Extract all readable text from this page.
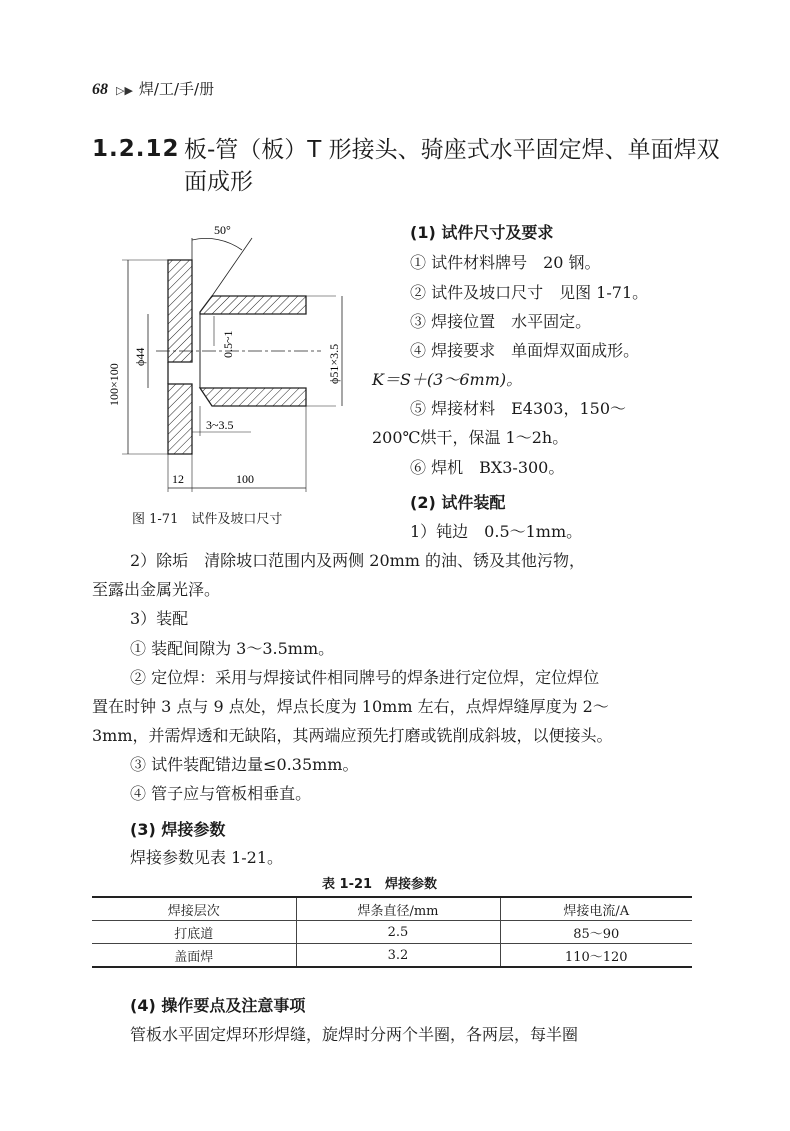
68 ▷▶ 焊/工/手/册
1.2.12 板-管（板）T 形接头、骑座式水平固定焊、单面焊双面成形
50°
100×100
ϕ44	0.5~1	ϕ51×3.5
3~3.5
12	100
图 1-71　试件及坡口尺寸
(1) 试件尺寸及要求
① 试件材料牌号　20 钢。
② 试件及坡口尺寸　见图 1-71。
③ 焊接位置　水平固定。
④ 焊接要求　单面焊双面成形。
K＝S＋(3～6mm)。
⑤ 焊接材料　E4303，150～
200℃烘干，保温 1～2h。
⑥ 焊机　BX3-300。
(2) 试件装配
1）钝边　0.5～1mm。
2）除垢　清除坡口范围内及两侧 20mm 的油、锈及其他污物，
至露出金属光泽。
3）装配
① 装配间隙为 3～3.5mm。
② 定位焊：采用与焊接试件相同牌号的焊条进行定位焊，定位焊位
置在时钟 3 点与 9 点处，焊点长度为 10mm 左右，点焊焊缝厚度为 2～
3mm，并需焊透和无缺陷，其两端应预先打磨或铣削成斜坡，以便接头。
③ 试件装配错边量≤0.35mm。
④ 管子应与管板相垂直。
(3) 焊接参数
焊接参数见表 1-21。
表 1-21　焊接参数
焊接层次	焊条直径/mm	焊接电流/A
打底道	2.5	85～90
盖面焊	3.2	110～120
(4) 操作要点及注意事项
管板水平固定焊环形焊缝，旋焊时分两个半圈，各两层，每半圈
